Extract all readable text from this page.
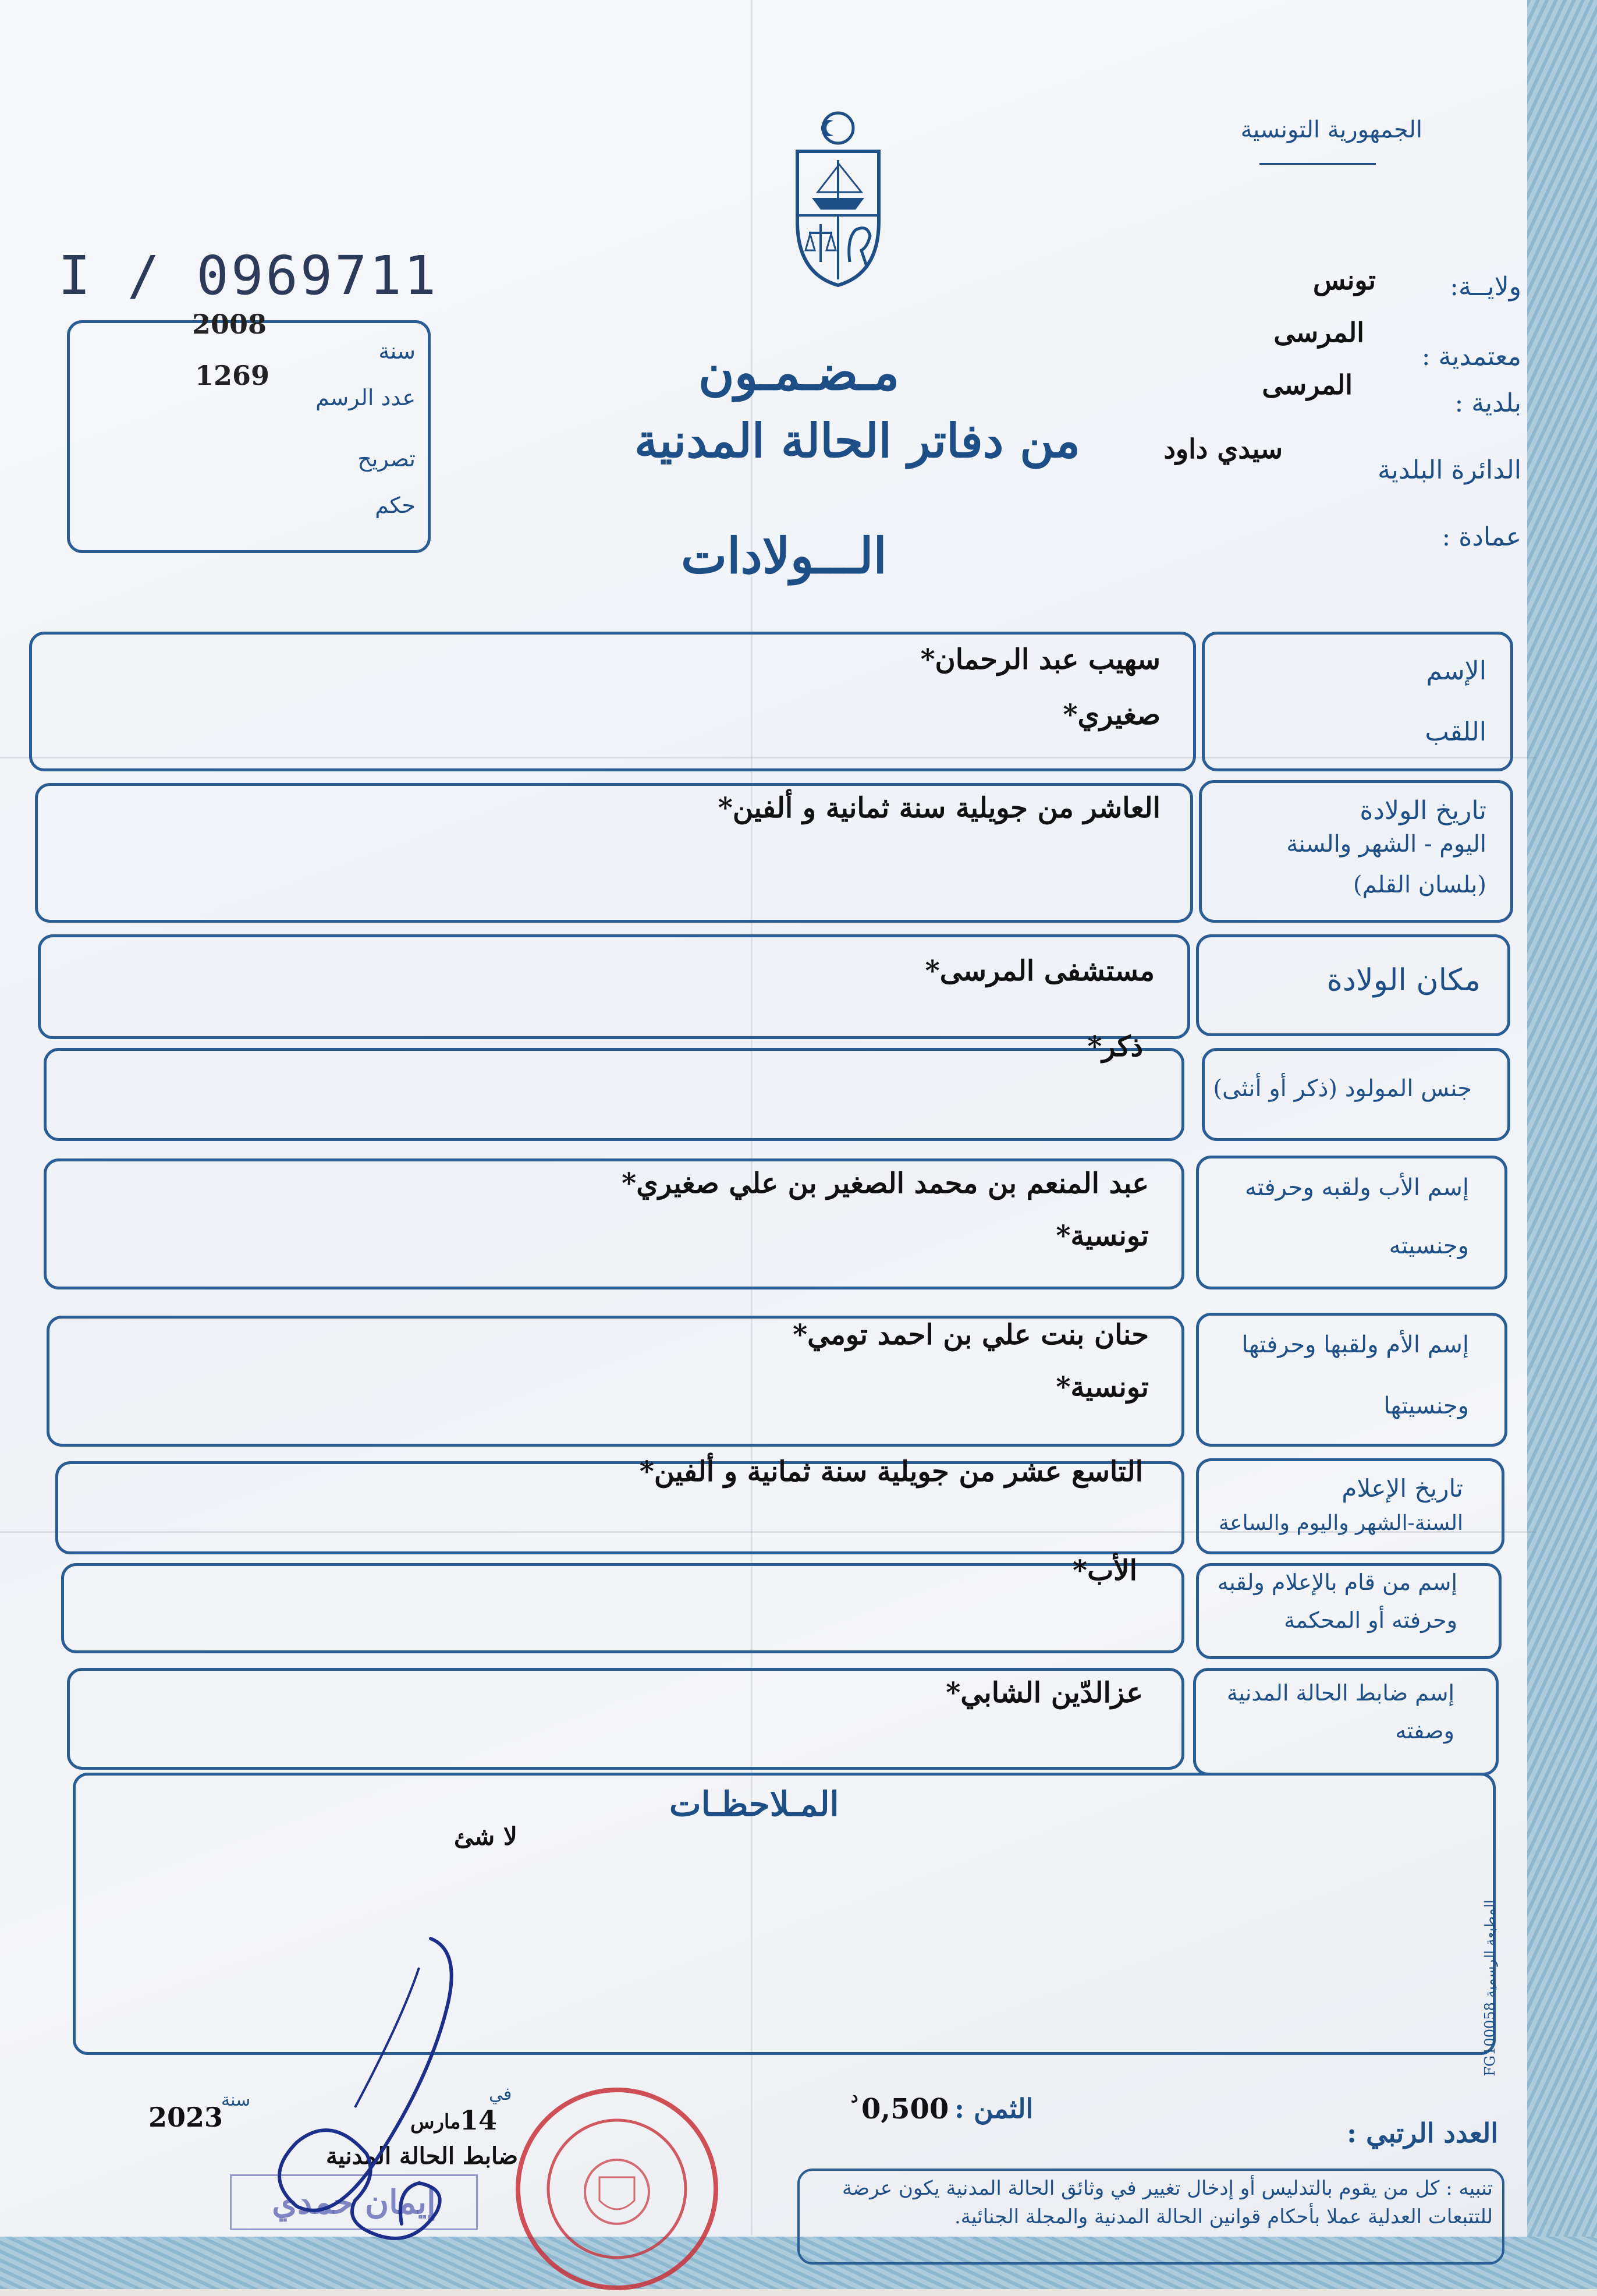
الجمهورية التونسية
I / 0969711
2008
1269
سنة
عدد الرسم
تصريح
حكم
ولايــة:
تونس
معتمدية :
المرسى
بلدية :
المرسى
الدائرة البلدية
سيدي داود
عمادة :
مـضـمـون
من دفاتر الحالة المدنية
الـــولادات
الإسم
اللقب
سهيب عبد الرحمان*
صغيري*
تاريخ الولادة
اليوم - الشهر والسنة
(بلسان القلم)
العاشر من جويلية سنة ثمانية و ألفين*
مكان الولادة
مستشفى المرسى*
جنس المولود (ذكر أو أنثى)
ذكر*
إسم الأب ولقبه وحرفته
وجنسيته
عبد المنعم بن محمد الصغير بن علي صغيري*
تونسية*
إسم الأم ولقبها وحرفتها
وجنسيتها
حنان بنت علي بن احمد تومي*
تونسية*
تاريخ الإعلام
السنة-الشهر واليوم والساعة
التاسع عشر من جويلية سنة ثمانية و ألفين*
إسم من قام بالإعلام ولقبه
وحرفته أو المحكمة
الأب*
إسم ضابط الحالة المدنية
وصفته
عزالدّين الشابي*
المـلاحظـات
لا شئ
المطبعة الرسمية FG100058
العدد الرتبي :
الثمن :
0,500
د
في
14
مارس
سنة
2023
ضابط الحالة المدنية
إيمان حمدي	تنبيه : كل من يقوم بالتدليس أو إدخال تغيير في وثائق الحالة المدنية يكون عرضة للتتبعات العدلية عملا بأحكام قوانين الحالة المدنية والمجلة الجنائية.
